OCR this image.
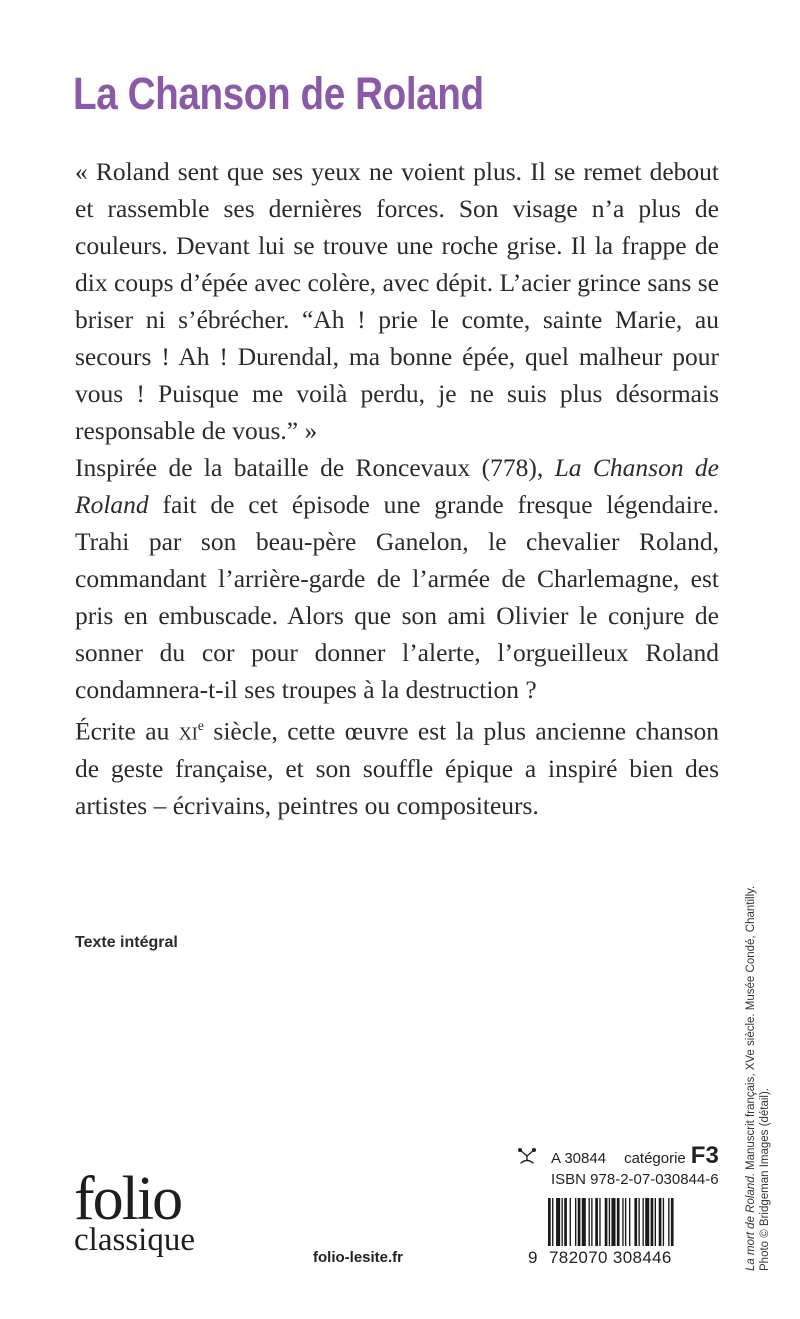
La Chanson de Roland

« Roland sent que ses yeux ne voient plus. Il se remet debout et rassemble ses dernières forces. Son visage n’a plus de couleurs. Devant lui se trouve une roche grise. Il la frappe de dix coups d’épée avec colère, avec dépit. L’acier grince sans se briser ni s’ébrécher. “Ah ! prie le comte, sainte Marie, au secours ! Ah ! Durendal, ma bonne épée, quel malheur pour vous ! Puisque me voilà perdu, je ne suis plus désormais responsable de vous.” »

Inspirée de la bataille de Roncevaux (778), La Chanson de Roland fait de cet épisode une grande fresque légendaire. Trahi par son beau-père Ganelon, le chevalier Roland, commandant l’arrière-garde de l’armée de Charlemagne, est pris en embuscade. Alors que son ami Olivier le conjure de sonner du cor pour donner l’alerte, l’orgueilleux Roland condamnera-t-il ses troupes à la destruction ?

Écrite au $xi^e$ siècle, cette œuvre est la plus ancienne chanson de geste française, et son souffle épique a inspiré bien des artistes – écrivains, peintres ou compositeurs.

Texte intégral
folio
classique	folio-lesite.fr
A 30844 catégorie F3
ISBN 978-2-07-030844-6
9 782070 308446	La mort de Roland. Manuscrit français, XVe siècle. Musée Condé, Chantilly.
Photo © Bridgeman Images (détail).
